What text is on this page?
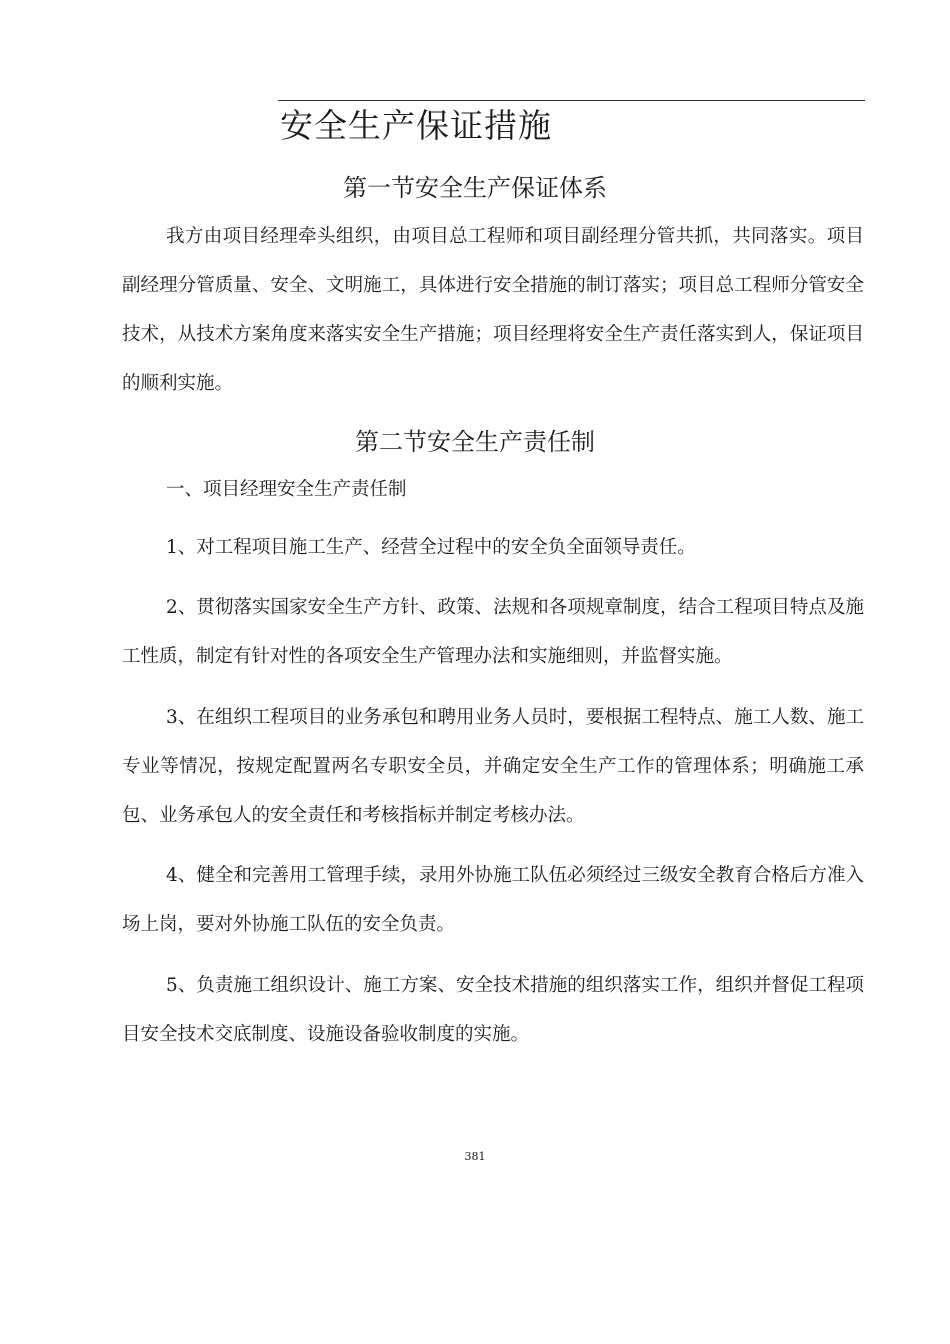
安全生产保证措施
第一节安全生产保证体系

我方由项目经理牵头组织，由项目总工程师和项目副经理分管共抓，共同落实。项目副经理分管质量、安全、文明施工，具体进行安全措施的制订落实；项目总工程师分管安全技术，从技术方案角度来落实安全生产措施；项目经理将安全生产责任落实到人，保证项目的顺利实施。

第二节安全生产责任制

一、项目经理安全生产责任制

1、对工程项目施工生产、经营全过程中的安全负全面领导责任。

2、贯彻落实国家安全生产方针、政策、法规和各项规章制度，结合工程项目特点及施工性质，制定有针对性的各项安全生产管理办法和实施细则，并监督实施。

3、在组织工程项目的业务承包和聘用业务人员时，要根据工程特点、施工人数、施工专业等情况，按规定配置两名专职安全员，并确定安全生产工作的管理体系；明确施工承包、业务承包人的安全责任和考核指标并制定考核办法。

4、健全和完善用工管理手续，录用外协施工队伍必须经过三级安全教育合格后方准入场上岗，要对外协施工队伍的安全负责。

5、负责施工组织设计、施工方案、安全技术措施的组织落实工作，组织并督促工程项目安全技术交底制度、设施设备验收制度的实施。

381
